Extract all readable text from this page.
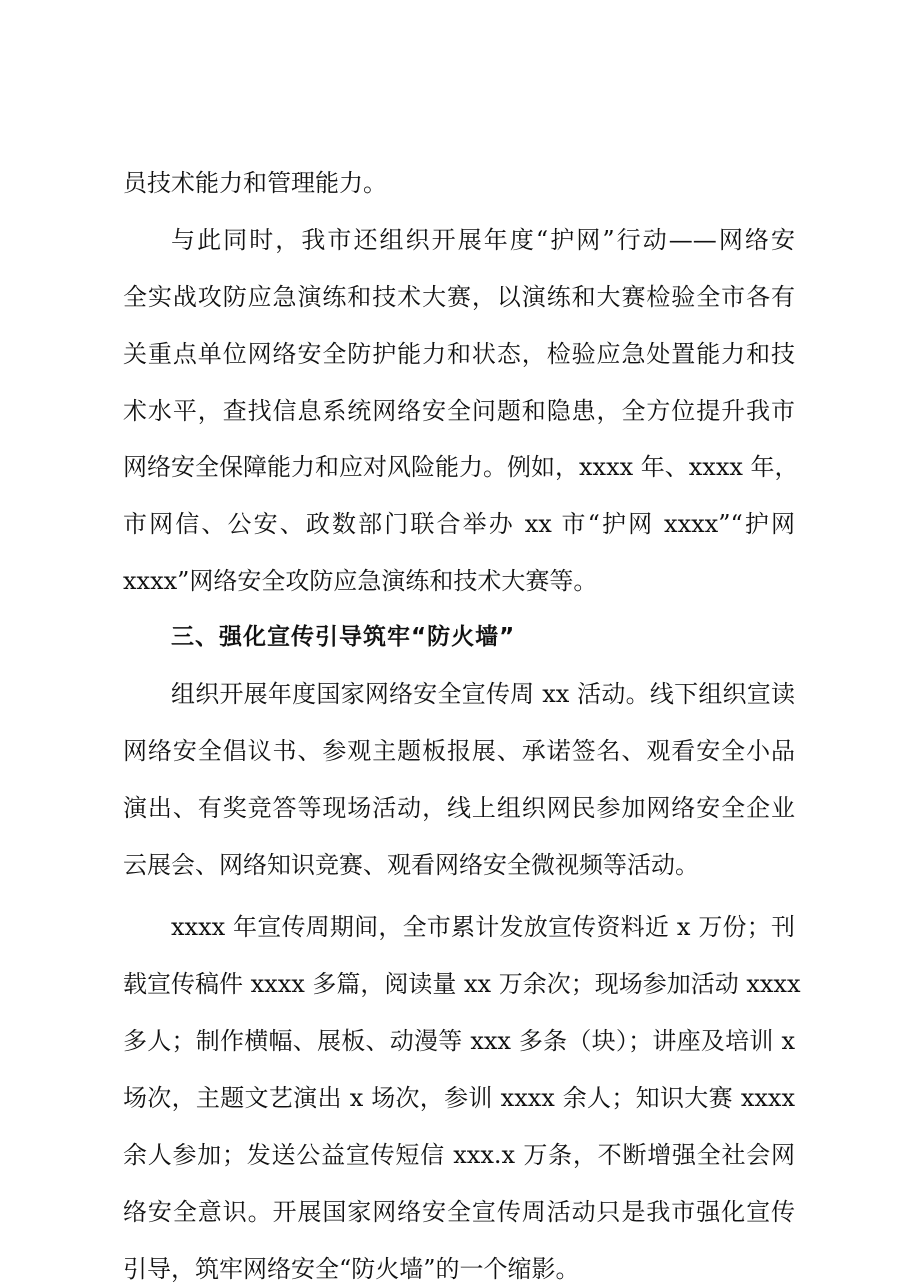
员技术能力和管理能力。
与此同时，我市还组织开展年度“护网”行动——网络安
全实战攻防应急演练和技术大赛，以演练和大赛检验全市各有
关重点单位网络安全防护能力和状态，检验应急处置能力和技
术水平，查找信息系统网络安全问题和隐患，全方位提升我市
网络安全保障能力和应对风险能力。例如，xxxx 年、xxxx 年，
市网信、公安、政数部门联合举办 xx 市“护网 xxxx”“护网
xxxx”网络安全攻防应急演练和技术大赛等。
三、强化宣传引导筑牢“防火墙”
组织开展年度国家网络安全宣传周 xx 活动。线下组织宣读
网络安全倡议书、参观主题板报展、承诺签名、观看安全小品
演出、有奖竞答等现场活动，线上组织网民参加网络安全企业
云展会、网络知识竞赛、观看网络安全微视频等活动。
xxxx 年宣传周期间，全市累计发放宣传资料近 x 万份；刊
载宣传稿件 xxxx 多篇，阅读量 xx 万余次；现场参加活动 xxxx
多人；制作横幅、展板、动漫等 xxx 多条（块）；讲座及培训 x
场次，主题文艺演出 x 场次，参训 xxxx 余人；知识大赛 xxxx
余人参加；发送公益宣传短信 xxx.x 万条，不断增强全社会网
络安全意识。开展国家网络安全宣传周活动只是我市强化宣传
引导，筑牢网络安全“防火墙”的一个缩影。
